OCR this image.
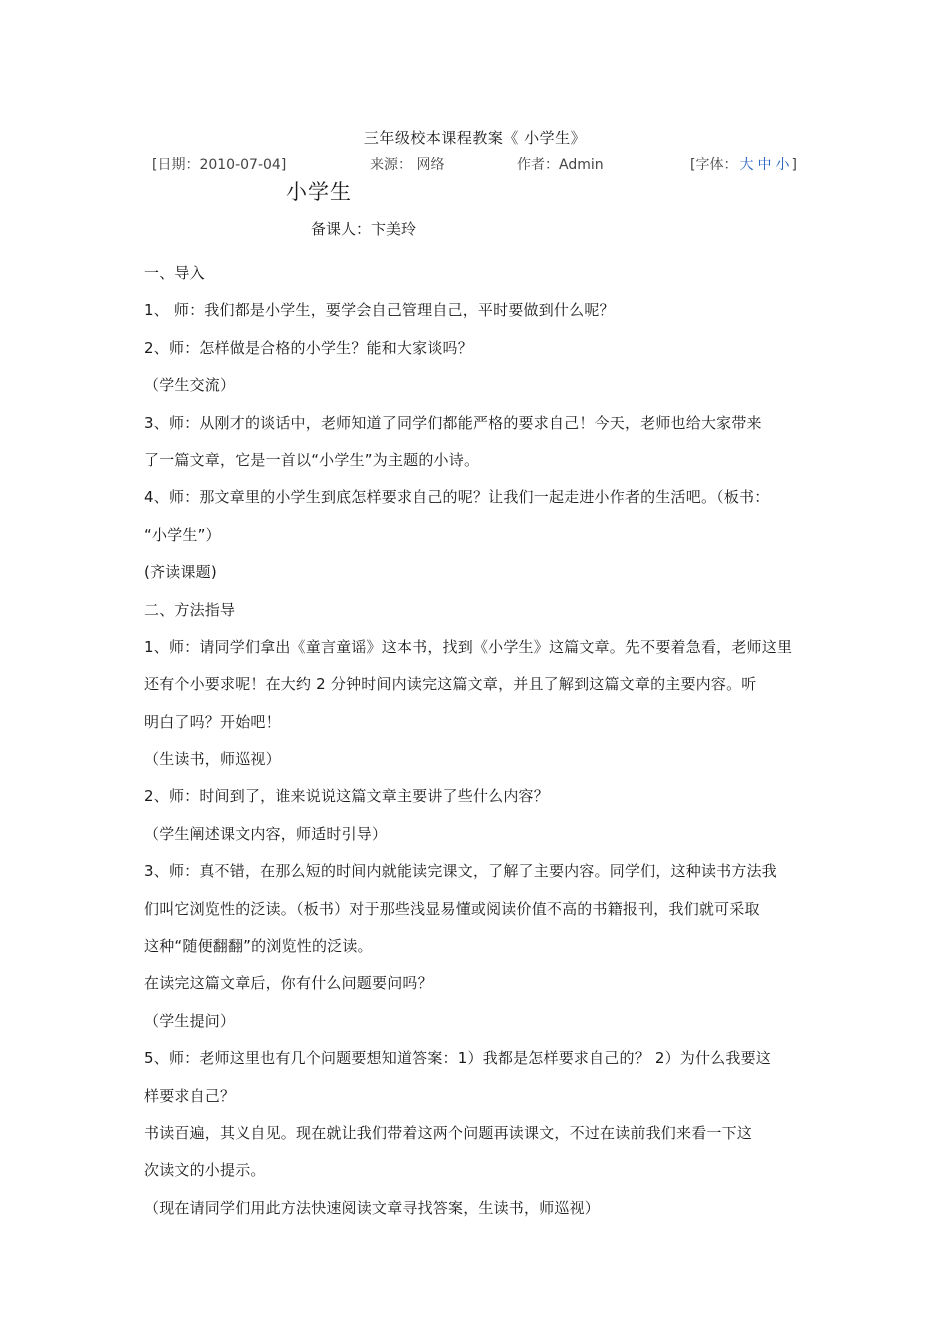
三年级校本课程教案《 小学生》
[日期：2010-07-04]	来源： 网络	作者：Admin	[字体： 大 中 小 ]
小学生
备课人：卞美玲
一、导入
1、 师：我们都是小学生，要学会自己管理自己，平时要做到什么呢？
2、师：怎样做是合格的小学生？能和大家谈吗？
（学生交流）
3、师：从刚才的谈话中，老师知道了同学们都能严格的要求自己！今天，老师也给大家带来
了一篇文章，它是一首以“小学生”为主题的小诗。
4、师：那文章里的小学生到底怎样要求自己的呢？让我们一起走进小作者的生活吧。（板书：
“小学生”）
(齐读课题)
二、方法指导
1、师：请同学们拿出《童言童谣》这本书，找到《小学生》这篇文章。先不要着急看，老师这里
还有个小要求呢！在大约 2 分钟时间内读完这篇文章，并且了解到这篇文章的主要内容。听
明白了吗？开始吧！
（生读书，师巡视）
2、师：时间到了，谁来说说这篇文章主要讲了些什么内容？
（学生阐述课文内容，师适时引导）
3、师：真不错，在那么短的时间内就能读完课文，了解了主要内容。同学们，这种读书方法我
们叫它浏览性的泛读。（板书）对于那些浅显易懂或阅读价值不高的书籍报刊，我们就可采取
这种“随便翻翻”的浏览性的泛读。
在读完这篇文章后，你有什么问题要问吗？
（学生提问）
5、师：老师这里也有几个问题要想知道答案：1）我都是怎样要求自己的？ 2）为什么我要这
样要求自己？
书读百遍，其义自见。现在就让我们带着这两个问题再读课文，不过在读前我们来看一下这
次读文的小提示。
（现在请同学们用此方法快速阅读文章寻找答案，生读书，师巡视）
